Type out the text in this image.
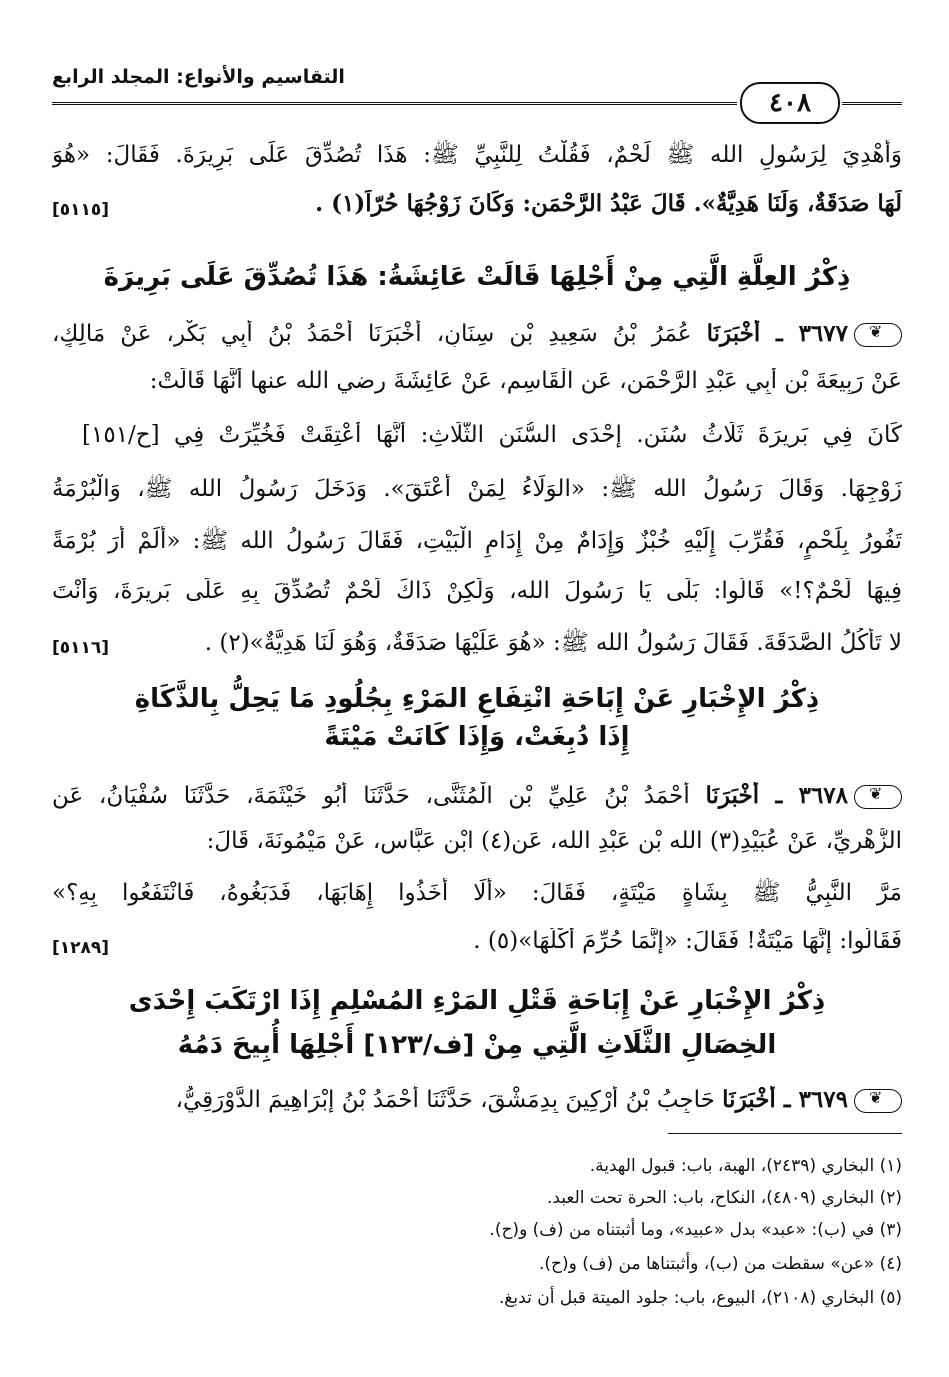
٤٠٨
التقاسيم والأنواع: المجلد الرابع
وَأُهْدِيَ لِرَسُولِ الله ﷺ لَحْمٌ، فَقُلْتُ لِلنَّبِيِّ ﷺ: هَذَا تُصُدِّقَ عَلَى بَرِيرَةَ. فَقَالَ: «هُوَ
لَهَا صَدَقَةٌ، وَلَنَا هَدِيَّةٌ». قَالَ عَبْدُ الرَّحْمَنِ: وَكَانَ زَوْجُهَا حُرّاً(١) .
[٥١١٥]
ذِكْرُ العِلَّةِ الَّتِي مِنْ أَجْلِهَا قَالَتْ عَائِشَةُ: هَذَا تُصُدِّقَ عَلَى بَرِيرَةَ
❦٣٦٧٧ ـ أَخْبَرَنَا عُمَرُ بْنُ سَعِيدِ بْنِ سِنَانٍ، أَخْبَرَنَا أَحْمَدُ بْنُ أَبِي بَكْرٍ، عَنْ مَالِكٍ،
عَنْ رَبِيعَةَ بْنِ أَبِي عَبْدِ الرَّحْمَنِ، عَنِ الْقَاسِمِ، عَنْ عَائِشَةَ رضي الله عنها أَنَّهَا قَالَتْ:
كَانَ فِي بَرِيرَةَ ثَلَاثُ سُنَنٍ. إِحْدَى السُّنَنِ الثَّلَاثِ: أَنَّهَا أُعْتِقَتْ فَخُيِّرَتْ فِي [ح/١٥١]
زَوْجِهَا. وَقَالَ رَسُولُ الله ﷺ: «الوَلَاءُ لِمَنْ أَعْتَقَ». وَدَخَلَ رَسُولُ الله ﷺ، وَالْبُرْمَةُ
تَفُورُ بِلَحْمٍ، فَقُرِّبَ إِلَيْهِ خُبْزٌ وَإِدَامٌ مِنْ إِدَامِ الْبَيْتِ، فَقَالَ رَسُولُ الله ﷺ: «أَلَمْ أَرَ بُرْمَةً
فِيهَا لَحْمٌ؟!» قَالُوا: بَلَى يَا رَسُولَ الله، وَلَكِنْ ذَاكَ لَحْمٌ تُصُدِّقَ بِهِ عَلَى بَرِيرَةَ، وَأَنْتَ
لا تَأْكُلُ الصَّدَقَةَ. فَقَالَ رَسُولُ الله ﷺ: «هُوَ عَلَيْهَا صَدَقَةٌ، وَهُوَ لَنَا هَدِيَّةٌ»(٢) .
[٥١١٦]
ذِكْرُ الإِخْبَارِ عَنْ إِبَاحَةِ انْتِفَاعِ المَرْءِ بِجُلُودِ مَا يَحِلُّ بِالذَّكَاةِ
إِذَا دُبِغَتْ، وَإِذَا كَانَتْ مَيْتَةً
❦٣٦٧٨ ـ أَخْبَرَنَا أَحْمَدُ بْنُ عَلِيِّ بْنِ الْمُثَنَّى، حَدَّثَنَا أَبُو خَيْثَمَةَ، حَدَّثَنَا سُفْيَانُ، عَنِ
الزُّهْرِيِّ، عَنْ عُبَيْدِ(٣) الله بْنِ عَبْدِ الله، عَنِ(٤) ابْنِ عَبَّاسٍ، عَنْ مَيْمُونَةَ، قَالَ:
مَرَّ النَّبِيُّ ﷺ بِشَاةٍ مَيْتَةٍ، فَقَالَ: «أَلَا أَخَذُوا إِهَابَهَا، فَدَبَغُوهُ، فَانْتَفَعُوا بِهِ؟»
فَقَالُوا: إِنَّهَا مَيْتَةٌ! فَقَالَ: «إِنَّمَا حُرِّمَ أَكْلُهَا»(٥) .
[١٢٨٩]
ذِكْرُ الإِخْبَارِ عَنْ إِبَاحَةِ قَتْلِ المَرْءِ المُسْلِمِ إِذَا ارْتَكَبَ إِحْدَى
الخِصَالِ الثَّلَاثِ الَّتِي مِنْ [ف/١٢٣] أَجْلِهَا أُبِيحَ دَمُهُ
❦٣٦٧٩ ـ أَخْبَرَنَا حَاجِبُ بْنُ أَرْكِينَ بِدِمَشْقَ، حَدَّثَنَا أَحْمَدُ بْنُ إِبْرَاهِيمَ الدَّوْرَقِيُّ،
(١) البخاري (٢٤٣٩)، الهبة، باب: قبول الهدية.
(٢) البخاري (٤٨٠٩)، النكاح، باب: الحرة تحت العبد.
(٣) في (ب): «عبد» بدل «عبيد»، وما أثبتناه من (ف) و(ح).
(٤) «عن» سقطت من (ب)، وأثبتناها من (ف) و(ح).
(٥) البخاري (٢١٠٨)، البيوع، باب: جلود الميتة قبل أن تدبغ.
